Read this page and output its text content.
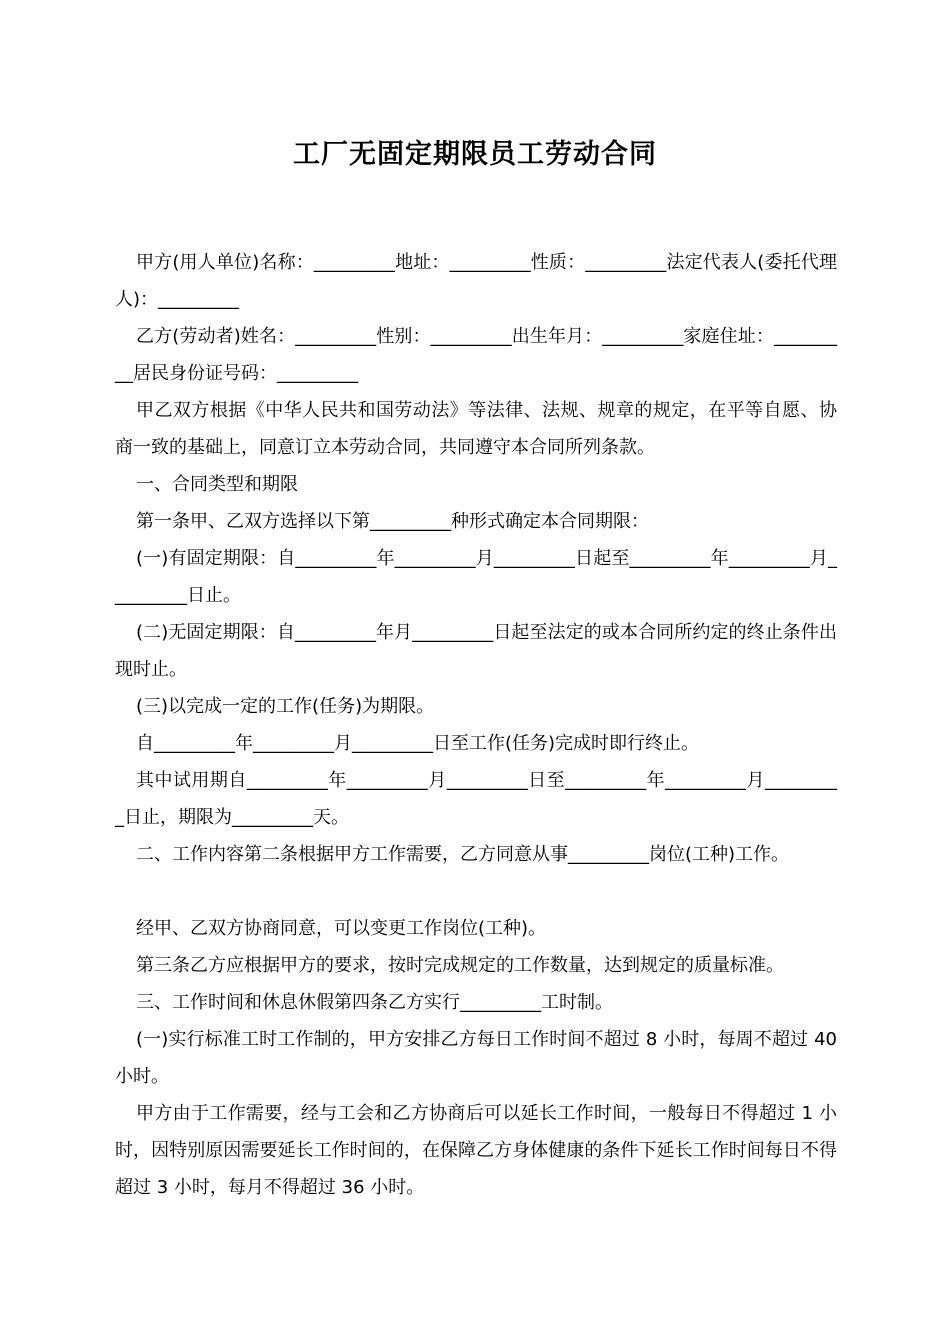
工厂无固定期限员工劳动合同

甲方(用人单位)名称：_________地址：_________性质：_________法定代表人(委托代理人)：_________

乙方(劳动者)姓名：_________性别：_________出生年月：_________家庭住址：_________居民身份证号码：_________

甲乙双方根据《中华人民共和国劳动法》等法律、法规、规章的规定，在平等自愿、协商一致的基础上，同意订立本劳动合同，共同遵守本合同所列条款。

一、合同类型和期限

第一条甲、乙双方选择以下第_________种形式确定本合同期限：

(一)有固定期限：自_________年_________月_________日起至_________年_________月_________日止。

(二)无固定期限：自_________年月_________日起至法定的或本合同所约定的终止条件出现时止。

(三)以完成一定的工作(任务)为期限。

自_________年_________月_________日至工作(任务)完成时即行终止。

其中试用期自_________年_________月_________日至_________年_________月_________日止，期限为_________天。

二、工作内容第二条根据甲方工作需要，乙方同意从事_________岗位(工种)工作。

经甲、乙双方协商同意，可以变更工作岗位(工种)。

第三条乙方应根据甲方的要求，按时完成规定的工作数量，达到规定的质量标准。

三、工作时间和休息休假第四条乙方实行_________工时制。

(一)实行标准工时工作制的，甲方安排乙方每日工作时间不超过 8 小时，每周不超过 40 小时。

甲方由于工作需要，经与工会和乙方协商后可以延长工作时间，一般每日不得超过 1 小时，因特别原因需要延长工作时间的，在保障乙方身体健康的条件下延长工作时间每日不得超过 3 小时，每月不得超过 36 小时。
